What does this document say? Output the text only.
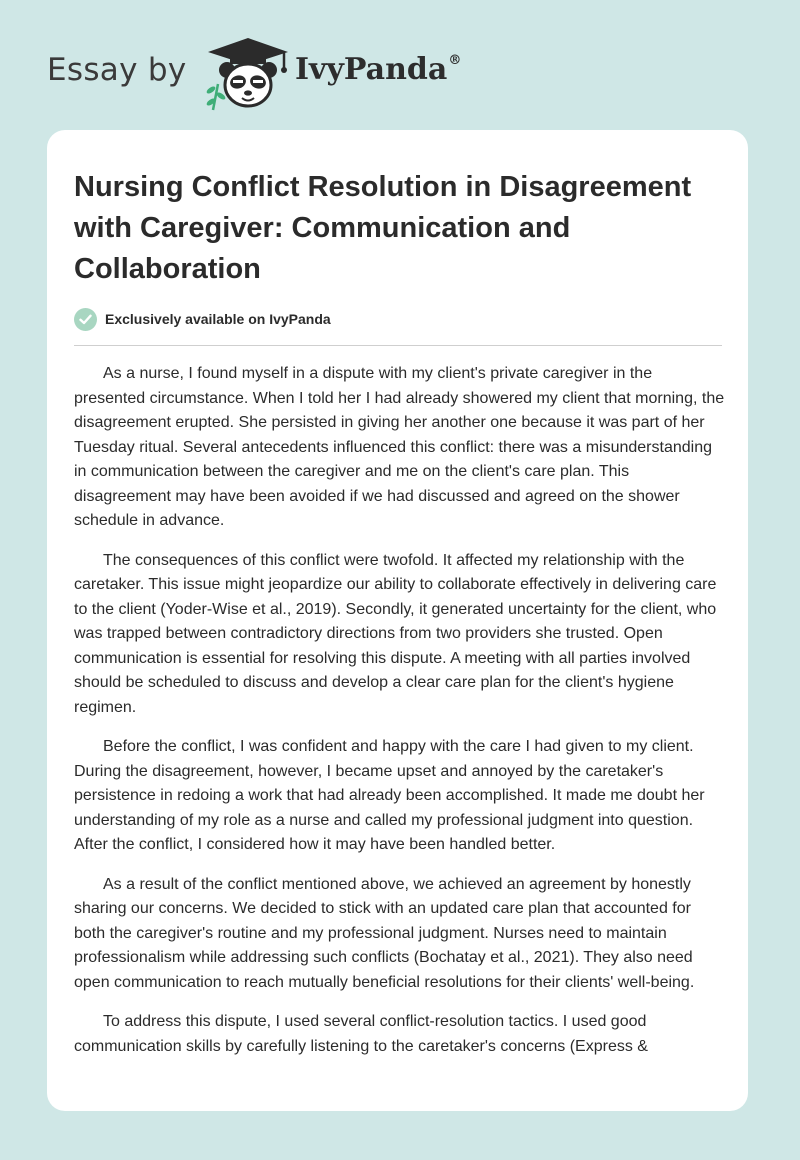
Essay by	IvyPanda®
Nursing Conflict Resolution in Disagreement with Caregiver: Communication and Collaboration
Exclusively available on IvyPanda

As a nurse, I found myself in a dispute with my client's private caregiver in the presented circumstance. When I told her I had already showered my client that morning, the disagreement erupted. She persisted in giving her another one because it was part of her Tuesday ritual. Several antecedents influenced this conflict: there was a misunderstanding in communication between the caregiver and me on the client's care plan. This disagreement may have been avoided if we had discussed and agreed on the shower schedule in advance.

The consequences of this conflict were twofold. It affected my relationship with the caretaker. This issue might jeopardize our ability to collaborate effectively in delivering care to the client (Yoder-Wise et al., 2019). Secondly, it generated uncertainty for the client, who was trapped between contradictory directions from two providers she trusted. Open communication is essential for resolving this dispute. A meeting with all parties involved should be scheduled to discuss and develop a clear care plan for the client's hygiene regimen.

Before the conflict, I was confident and happy with the care I had given to my client. During the disagreement, however, I became upset and annoyed by the caretaker's persistence in redoing a work that had already been accomplished. It made me doubt her understanding of my role as a nurse and called my professional judgment into question. After the conflict, I considered how it may have been handled better.

As a result of the conflict mentioned above, we achieved an agreement by honestly sharing our concerns. We decided to stick with an updated care plan that accounted for both the caregiver's routine and my professional judgment. Nurses need to maintain professionalism while addressing such conflicts (Bochatay et al., 2021). They also need open communication to reach mutually beneficial resolutions for their clients' well-being.

To address this dispute, I used several conflict-resolution tactics. I used good communication skills by carefully listening to the caretaker's concerns (Express &
